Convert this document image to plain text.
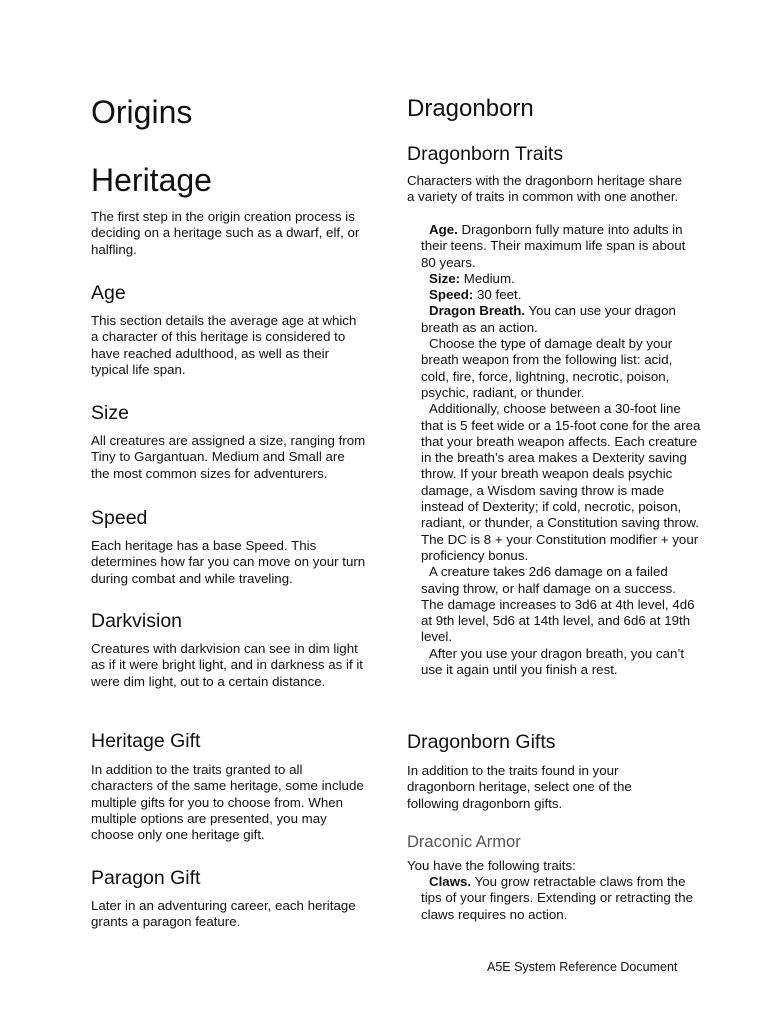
Origins
Heritage

The first step in the origin creation process is deciding on a heritage such as a dwarf, elf, or halfling.

Age

This section details the average age at which a character of this heritage is considered to have reached adulthood, as well as their typical life span.

Size

All creatures are assigned a size, ranging from Tiny to Gargantuan. Medium and Small are the most common sizes for adventurers.

Speed

Each heritage has a base Speed. This determines how far you can move on your turn during combat and while traveling.

Darkvision

Creatures with darkvision can see in dim light as if it were bright light, and in darkness as if it were dim light, out to a certain distance.

Heritage Gift

In addition to the traits granted to all characters of the same heritage, some include multiple gifts for you to choose from. When multiple options are presented, you may choose only one heritage gift.

Paragon Gift

Later in an adventuring career, each heritage grants a paragon feature.

Dragonborn
Dragonborn Traits

Characters with the dragonborn heritage share a variety of traits in common with one another.

Age. Dragonborn fully mature into adults in their teens. Their maximum life span is about 80 years.

Size: Medium.

Speed: 30 feet.

Dragon Breath. You can use your dragon breath as an action.

Choose the type of damage dealt by your breath weapon from the following list: acid, cold, fire, force, lightning, necrotic, poison, psychic, radiant, or thunder.

Additionally, choose between a 30-foot line that is 5 feet wide or a 15-foot cone for the area that your breath weapon affects. Each creature in the breath’s area makes a Dexterity saving throw. If your breath weapon deals psychic damage, a Wisdom saving throw is made instead of Dexterity; if cold, necrotic, poison, radiant, or thunder, a Constitution saving throw. The DC is 8 + your Constitution modifier + your proficiency bonus.

A creature takes 2d6 damage on a failed saving throw, or half damage on a success. The damage increases to 3d6 at 4th level, 4d6 at 9th level, 5d6 at 14th level, and 6d6 at 19th level.

After you use your dragon breath, you can’t use it again until you finish a rest.

Dragonborn Gifts

In addition to the traits found in your dragonborn heritage, select one of the following dragonborn gifts.

Draconic Armor

You have the following traits:

Claws. You grow retractable claws from the tips of your fingers. Extending or retracting the claws requires no action.

A5E System Reference Document
